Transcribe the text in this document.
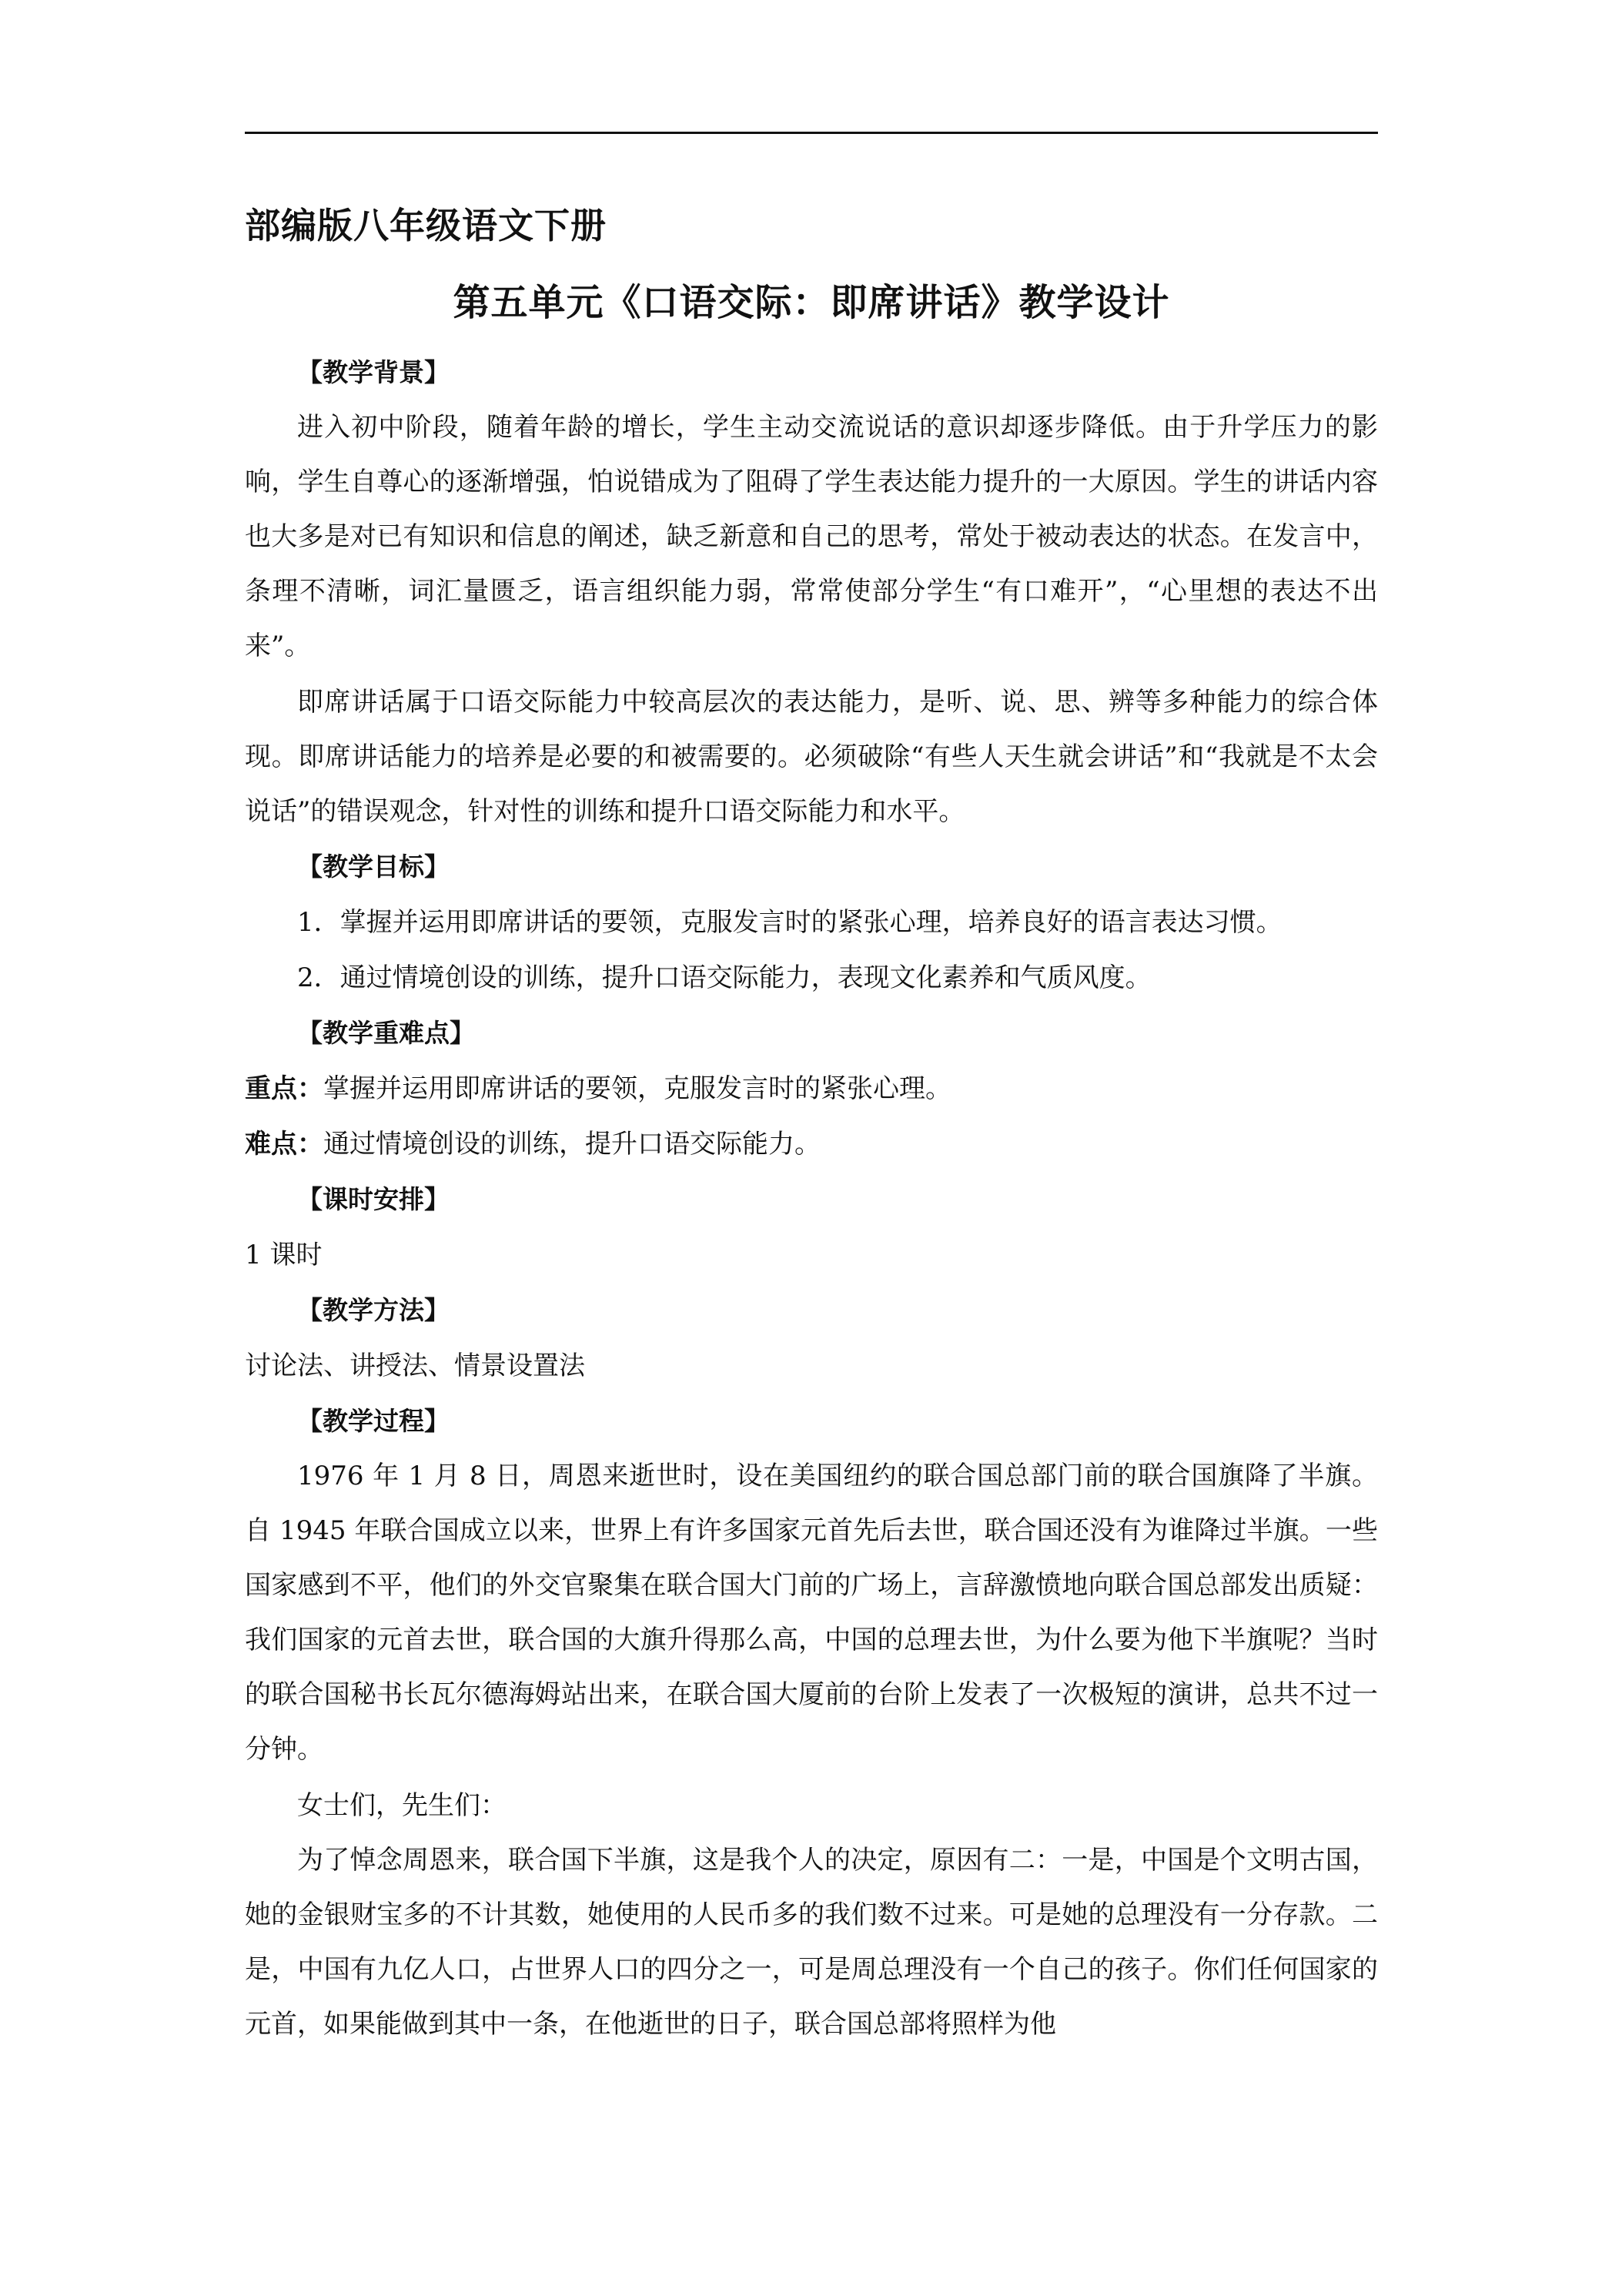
部编版八年级语文下册

第五单元《口语交际：即席讲话》教学设计

【教学背景】

进入初中阶段，随着年龄的增长，学生主动交流说话的意识却逐步降低。由于升学压力的影响，学生自尊心的逐渐增强，怕说错成为了阻碍了学生表达能力提升的一大原因。学生的讲话内容也大多是对已有知识和信息的阐述，缺乏新意和自己的思考，常处于被动表达的状态。在发言中，条理不清晰，词汇量匮乏，语言组织能力弱，常常使部分学生“有口难开”，“心里想的表达不出来”。

即席讲话属于口语交际能力中较高层次的表达能力，是听、说、思、辨等多种能力的综合体现。即席讲话能力的培养是必要的和被需要的。必须破除“有些人天生就会讲话”和“我就是不太会说话”的错误观念，针对性的训练和提升口语交际能力和水平。

【教学目标】

1．掌握并运用即席讲话的要领，克服发言时的紧张心理，培养良好的语言表达习惯。

2．通过情境创设的训练，提升口语交际能力，表现文化素养和气质风度。

【教学重难点】

重点：掌握并运用即席讲话的要领，克服发言时的紧张心理。

难点：通过情境创设的训练，提升口语交际能力。

【课时安排】

1 课时

【教学方法】

讨论法、讲授法、情景设置法

【教学过程】

1976 年 1 月 8 日，周恩来逝世时，设在美国纽约的联合国总部门前的联合国旗降了半旗。自 1945 年联合国成立以来，世界上有许多国家元首先后去世，联合国还没有为谁降过半旗。一些国家感到不平，他们的外交官聚集在联合国大门前的广场上，言辞激愤地向联合国总部发出质疑：我们国家的元首去世，联合国的大旗升得那么高，中国的总理去世，为什么要为他下半旗呢？当时的联合国秘书长瓦尔德海姆站出来，在联合国大厦前的台阶上发表了一次极短的演讲，总共不过一分钟。

女士们，先生们：

为了悼念周恩来，联合国下半旗，这是我个人的决定，原因有二：一是，中国是个文明古国，她的金银财宝多的不计其数，她使用的人民币多的我们数不过来。可是她的总理没有一分存款。二是，中国有九亿人口，占世界人口的四分之一，可是周总理没有一个自己的孩子。你们任何国家的元首，如果能做到其中一条，在他逝世的日子，联合国总部将照样为他
